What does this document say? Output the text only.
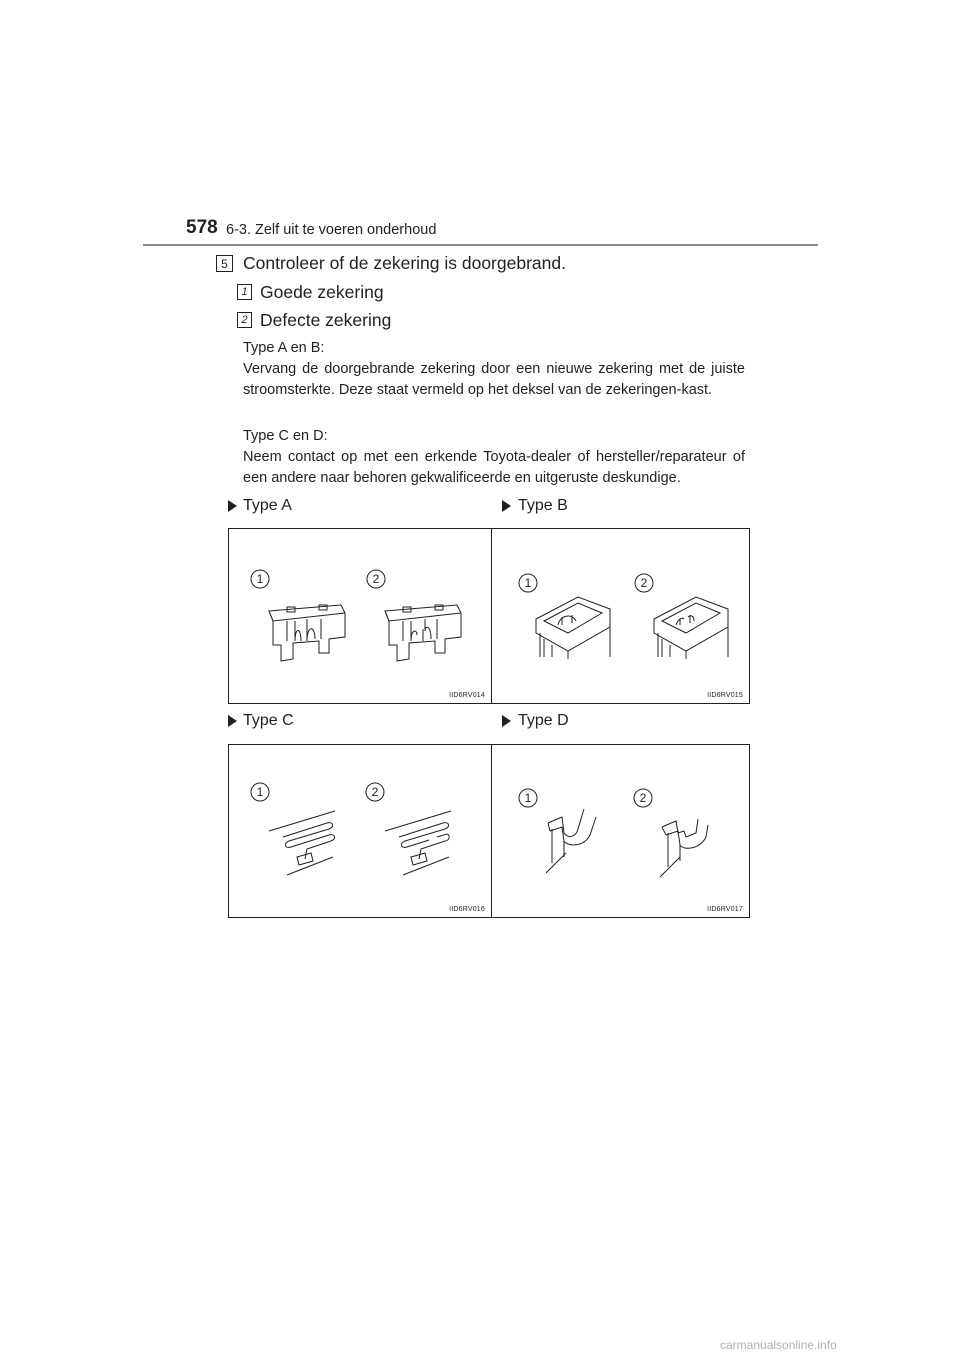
578 6-3. Zelf uit te voeren onderhoud
5 Controleer of de zekering is doorgebrand.
1 Goede zekering
2 Defecte zekering

Type A en B:

Vervang de doorgebrande zekering door een nieuwe zekering met de juiste stroomsterkte. Deze staat vermeld op het deksel van de zekeringen-kast.

Type C en D:

Neem contact op met een erkende Toyota-dealer of hersteller/reparateur of een andere naar behoren gekwalificeerde en uitgeruste deskundige.

Type A
1	2
IID6RV014
Type B
1	2
IID6RV015
Type C
1	2
IID6RV016
Type D
1	2
IID6RV017
carmanualsonline.info
